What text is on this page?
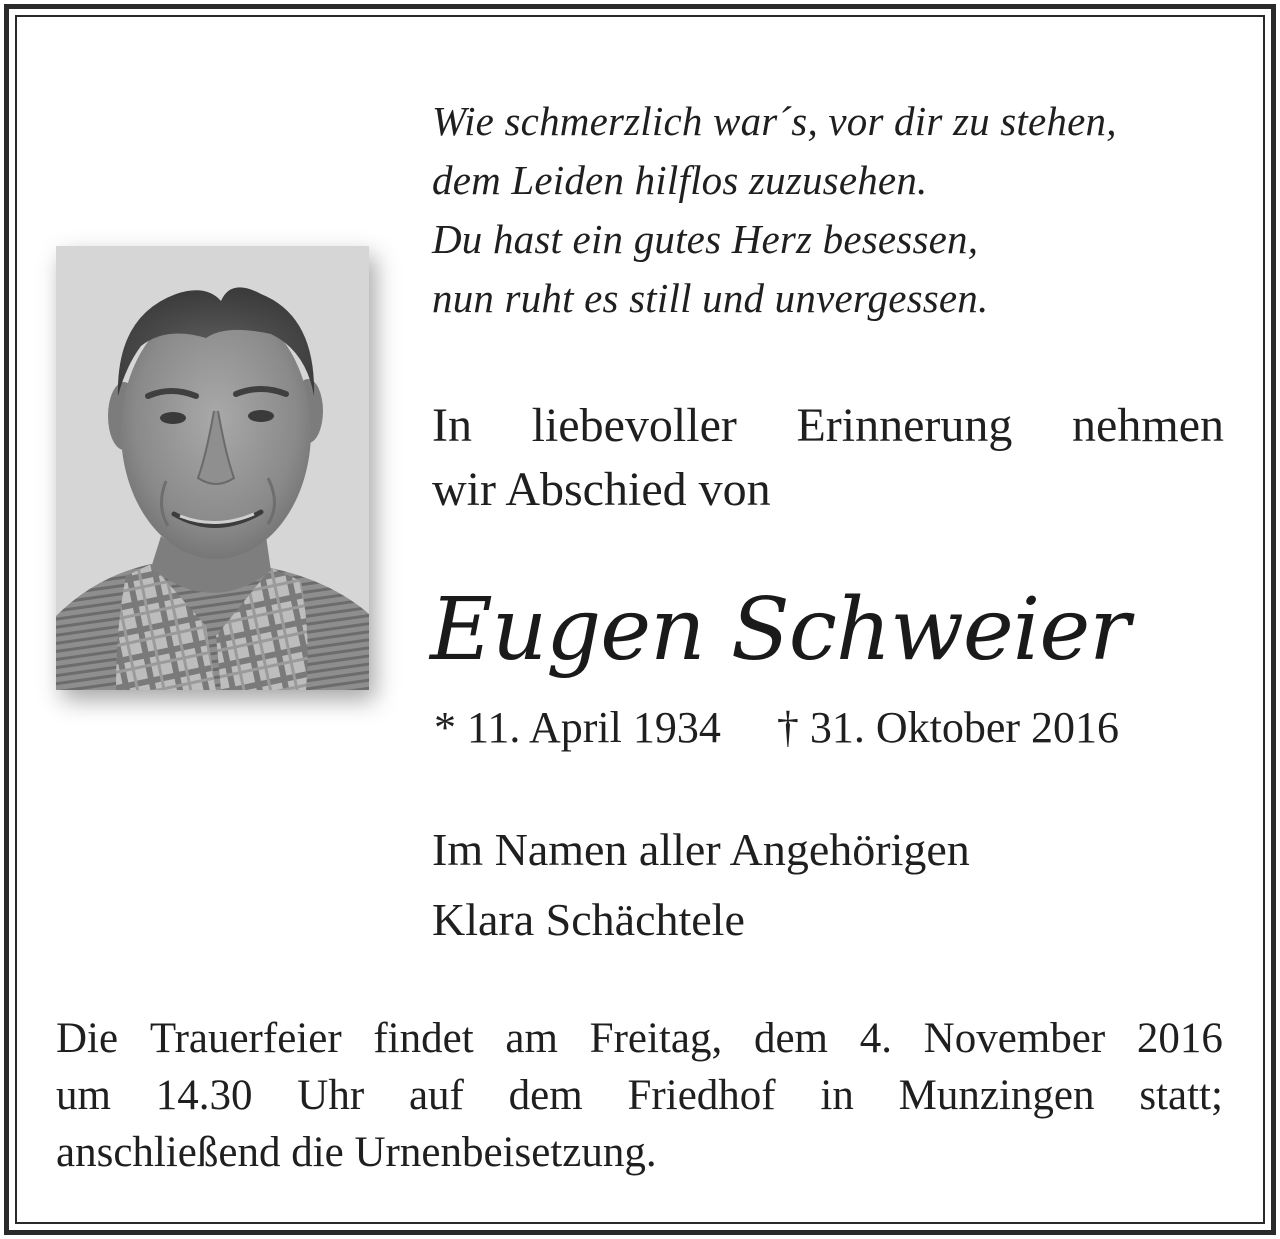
Wie schmerzlich war´s, vor dir zu stehen,
dem Leiden hilflos zuzusehen.
Du hast ein gutes Herz besessen,
nun ruht es still und unvergessen.
In liebevoller Erinnerung nehmen
wir Abschied von
Eugen Schweier
* 11. April 1934 † 31. Oktober 2016
Im Namen aller Angehörigen
Klara Schächtele
Die Trauerfeier findet am Freitag, dem 4. November 2016
um 14.30 Uhr auf dem Friedhof in Munzingen statt;
anschließend die Urnenbeisetzung.
